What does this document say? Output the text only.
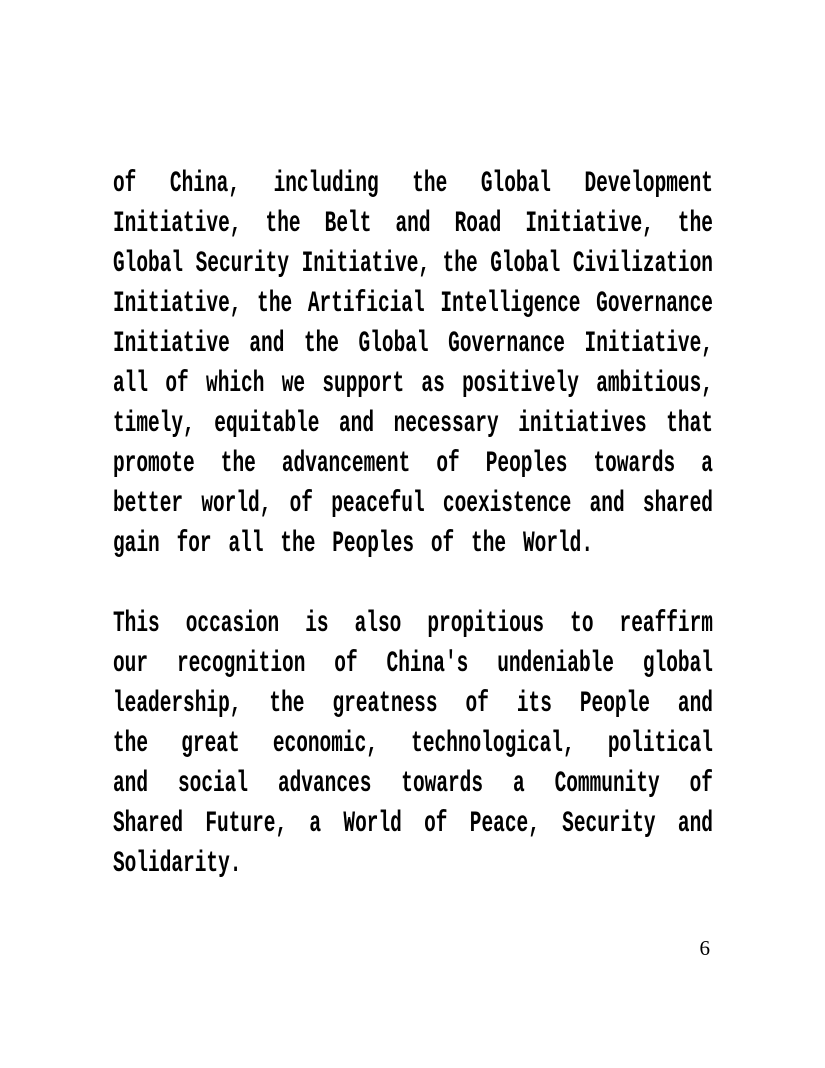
of China, including the Global Development
Initiative, the Belt and Road Initiative, the
Global Security Initiative, the Global Civilization
Initiative, the Artificial Intelligence Governance
Initiative and the Global Governance Initiative,
all of which we support as positively ambitious,
timely, equitable and necessary initiatives that
promote the advancement of Peoples towards a
better world, of peaceful coexistence and shared
gain for all the Peoples of the World.
This occasion is also propitious to reaffirm
our recognition of China's undeniable global
leadership, the greatness of its People and
the great economic, technological, political
and social advances towards a Community of
Shared Future, a World of Peace, Security and
Solidarity.
6
